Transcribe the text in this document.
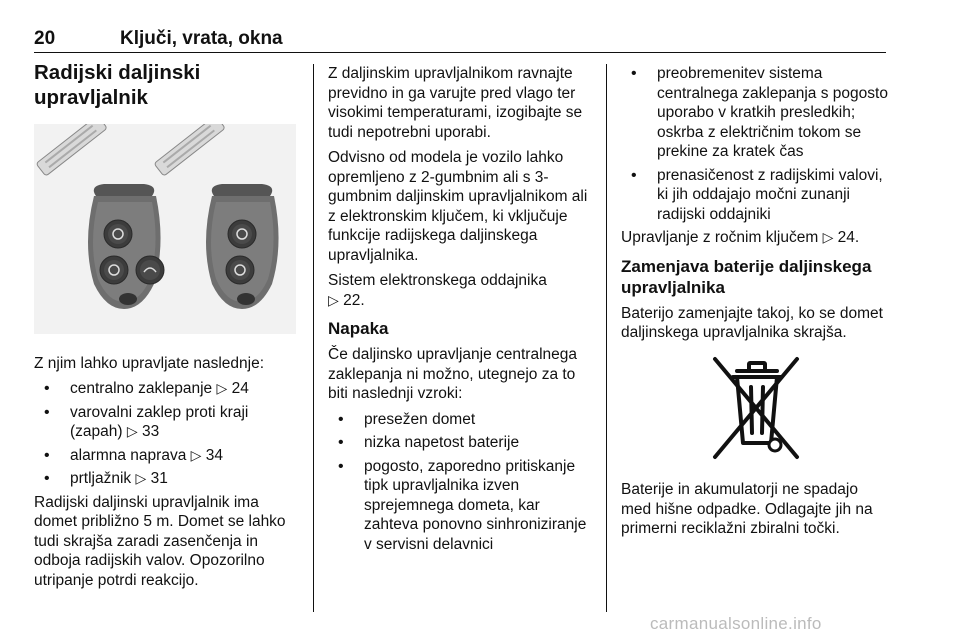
20	Ključi, vrata, okna
Radijski daljinski
upravljalnik

Z njim lahko upravljate naslednje:

• centralno zaklepanje ▷ 24
• varovalni zaklep proti kraji (zapah) ▷ 33
• alarmna naprava ▷ 34
• prtljažnik ▷ 31

Radijski daljinski upravljalnik ima domet približno 5 m. Domet se lahko tudi skrajša zaradi zasenčenja in odboja radijskih valov. Opozorilno utripanje potrdi reakcijo.

Z daljinskim upravljalnikom ravnajte previdno in ga varujte pred vlago ter visokimi temperaturami, izogibajte se tudi nepotrebni uporabi.

Odvisno od modela je vozilo lahko opremljeno z 2-gumbnim ali s 3-gumbnim daljinskim upravljalnikom ali z elektronskim ključem, ki vključuje funkcije radijskega daljinskega upravljalnika.

Sistem elektronskega oddajnika
▷ 22.

Napaka

Če daljinsko upravljanje centralnega zaklepanja ni možno, utegnejo za to biti naslednji vzroki:

• presežen domet
• nizka napetost baterije
• pogosto, zaporedno pritiskanje tipk upravljalnika izven sprejemnega dometa, kar zahteva ponovno sinhroniziranje v servisni delavnici
• preobremenitev sistema centralnega zaklepanja s pogosto uporabo v kratkih presledkih; oskrba z električnim tokom se prekine za kratek čas
• prenasičenost z radijskimi valovi, ki jih oddajajo močni zunanji radijski oddajniki

Upravljanje z ročnim ključem ▷ 24.

Zamenjava baterije daljinskega upravljalnika

Baterijo zamenjajte takoj, ko se domet daljinskega upravljalnika skrajša.

Baterije in akumulatorji ne spadajo med hišne odpadke. Odlagajte jih na primerni reciklažni zbiralni točki.

carmanualsonline.info
